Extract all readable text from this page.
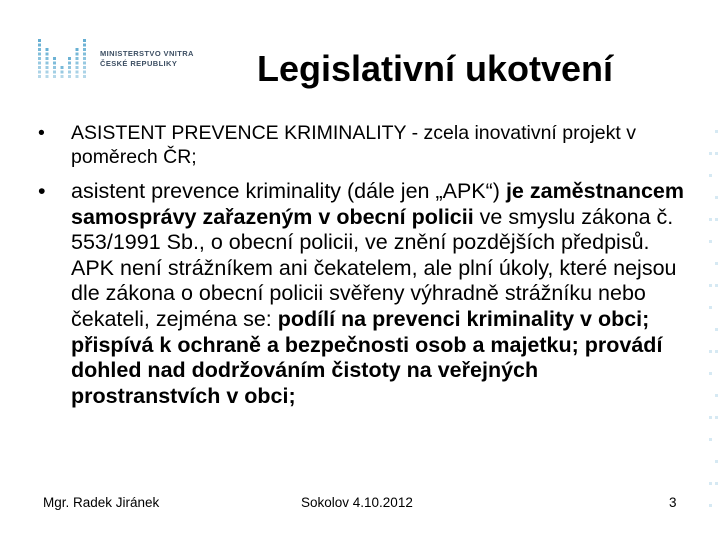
MINISTERSTVO VNITRA
ČESKÉ REPUBLIKY	Legislativní ukotvení
• ASISTENT PREVENCE KRIMINALITY - zcela inovativní projekt v poměrech ČR;
• asistent prevence kriminality (dále jen „APK“) je zaměstnancem samosprávy zařazeným v obecní policii ve smyslu zákona č. 553/1991 Sb., o obecní policii, ve znění pozdějších předpisů. APK není strážníkem ani čekatelem, ale plní úkoly, které nejsou dle zákona o obecní policii svěřeny výhradně strážníku nebo čekateli, zejména se: podílí na prevenci kriminality v obci; přispívá k ochraně a bezpečnosti osob a majetku; provádí dohled nad dodržováním čistoty na veřejných prostranstvích v obci;
Mgr. Radek Jiránek	Sokolov 4.10.2012	3
